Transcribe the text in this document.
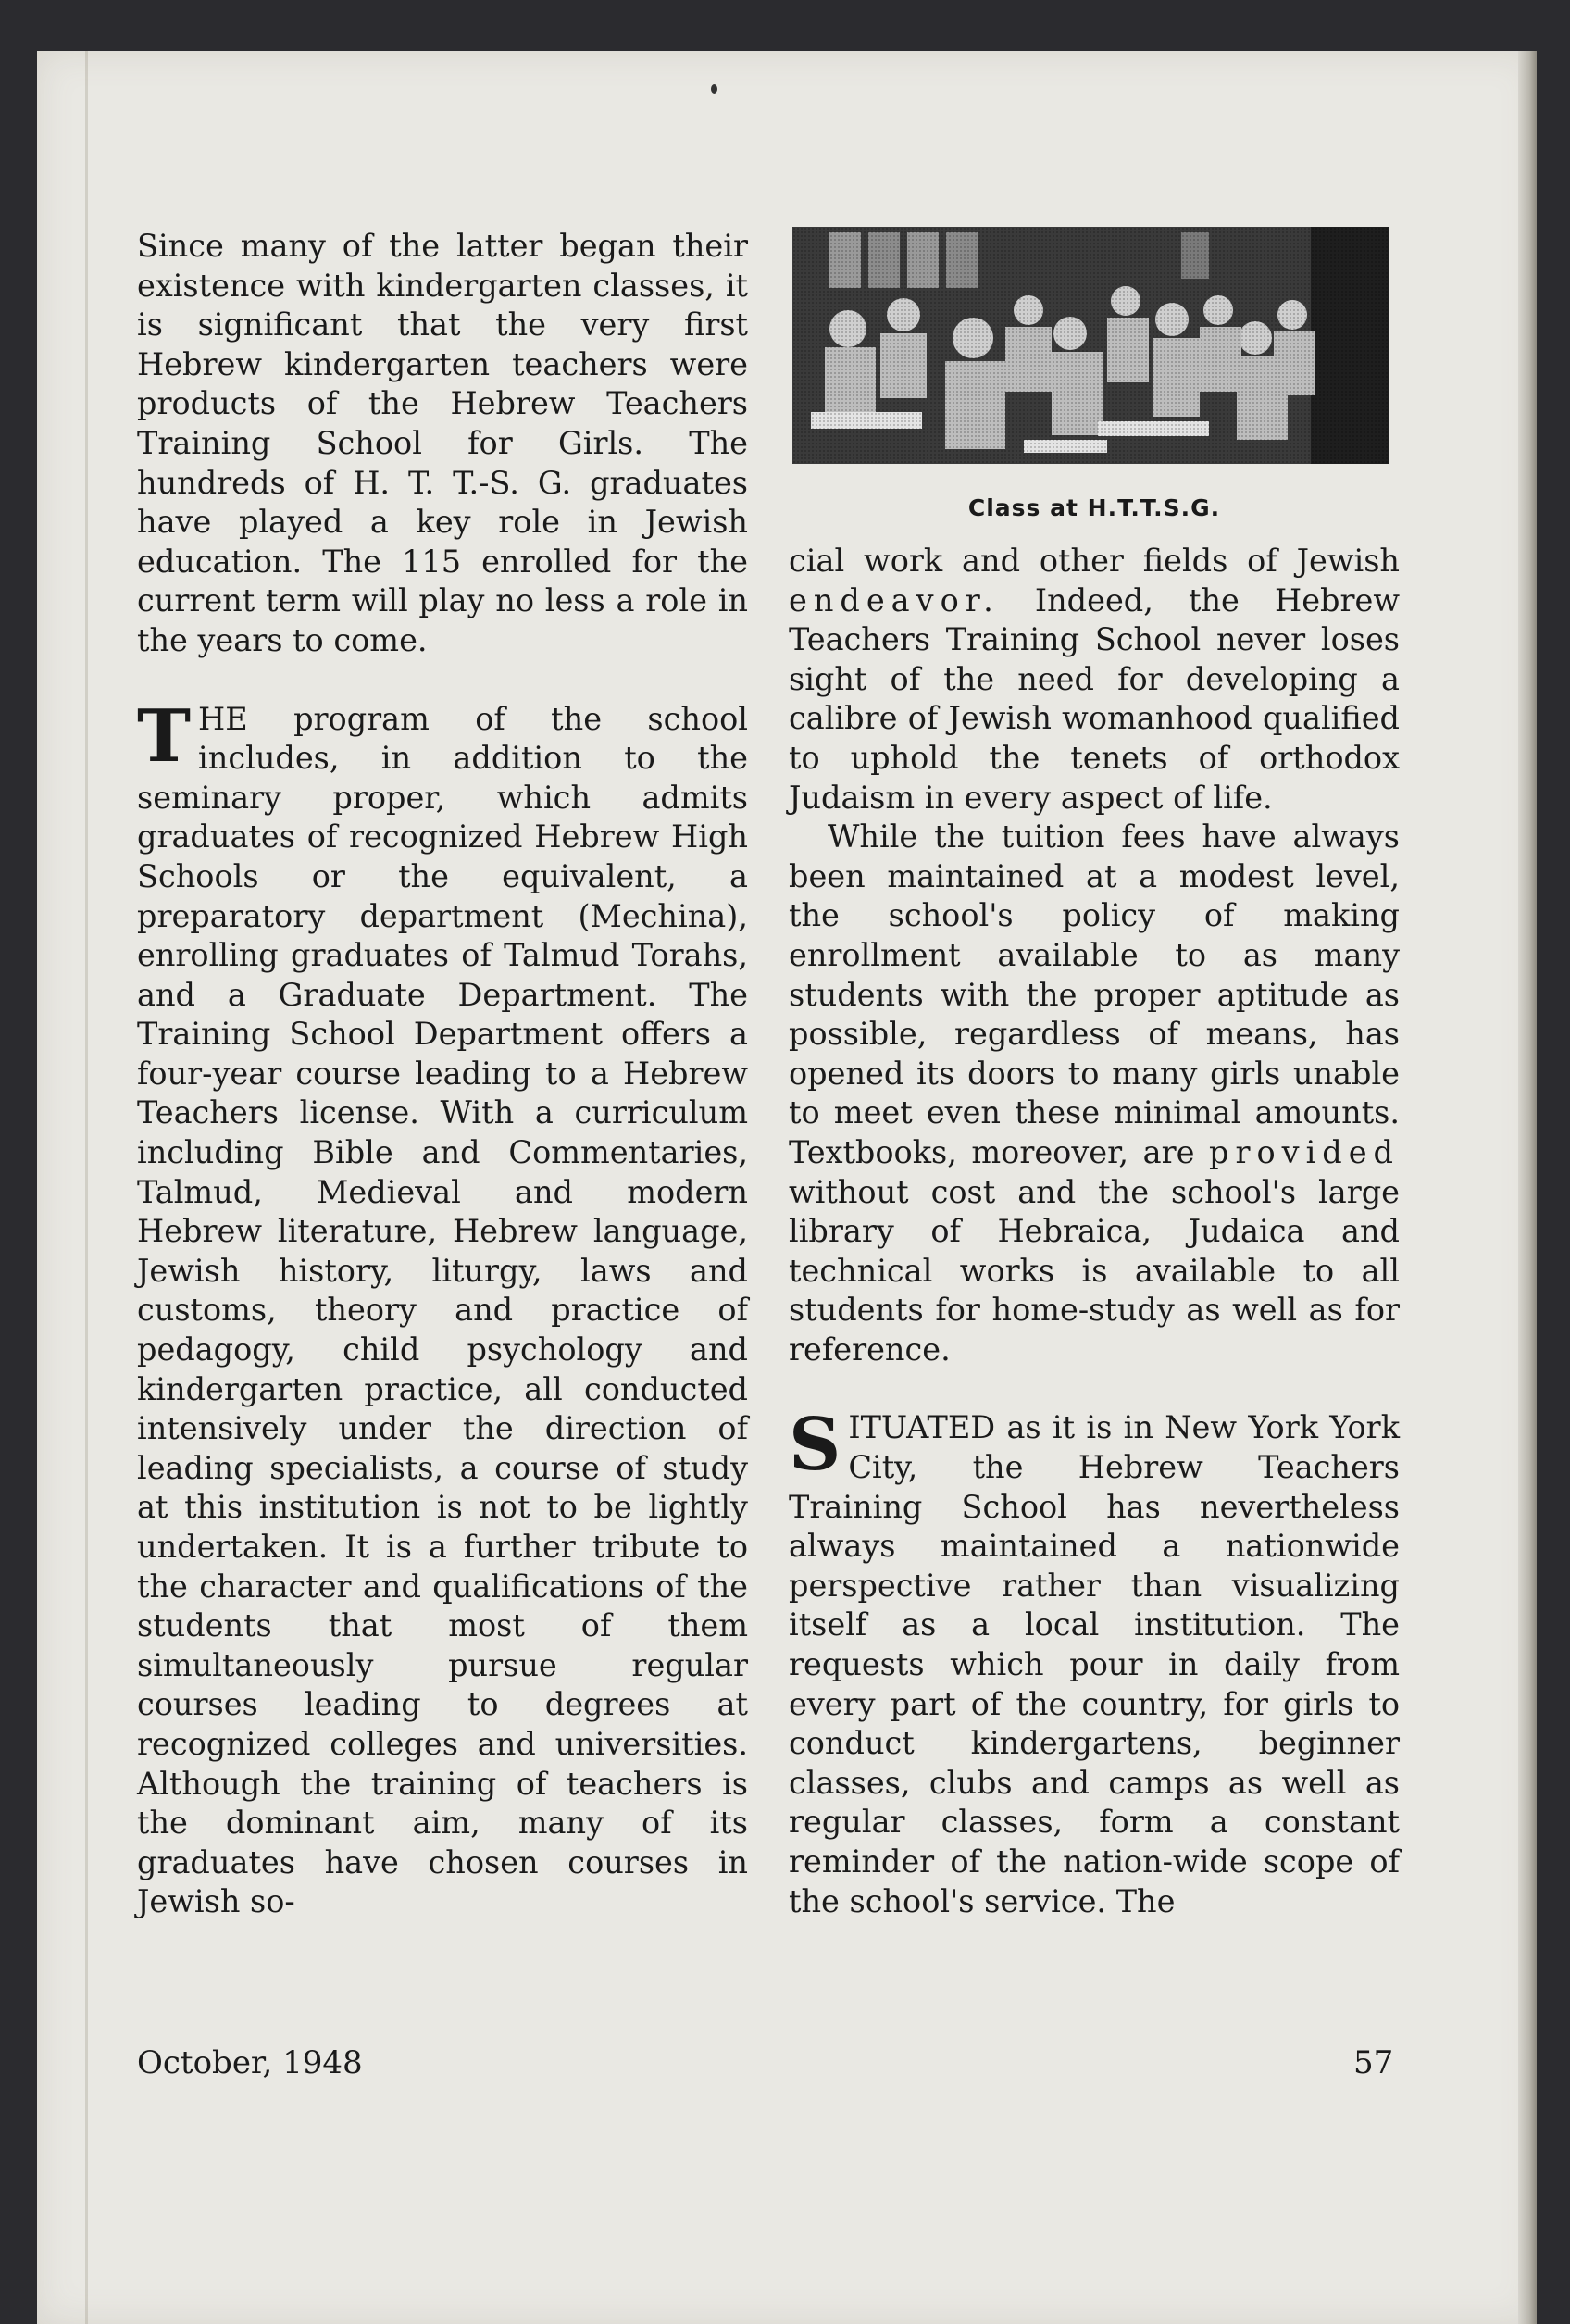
Since many of the latter began their existence with kindergarten classes, it is significant that the very first Hebrew kindergarten teachers were products of the Hebrew Teachers Training School for Girls. The hundreds of H. T. T.-S. G. graduates have played a key role in Jewish education. The 115 enrolled for the current term will play no less a role in the years to come.

THE program of the school includes, in addition to the seminary proper, which admits graduates of recognized Hebrew High Schools or the equivalent, a preparatory department (Mechina), enrolling graduates of Talmud Torahs, and a Graduate Department. The Training School Department offers a four-year course leading to a Hebrew Teachers license. With a curriculum including Bible and Commentaries, Talmud, Medieval and modern Hebrew literature, Hebrew language, Jewish history, liturgy, laws and customs, theory and practice of pedagogy, child psychology and kindergarten practice, all conducted intensively under the direction of leading specialists, a course of study at this institution is not to be lightly undertaken. It is a further tribute to the character and qualifications of the students that most of them simultaneously pursue regular courses leading to degrees at recognized colleges and universities. Although the training of teachers is the dominant aim, many of its graduates have chosen courses in Jewish so-

Class at H.T.T.S.G.

cial work and other fields of Jewish endeavor. Indeed, the Hebrew Teachers Training School never loses sight of the need for developing a calibre of Jewish womanhood qualified to uphold the tenets of orthodox Judaism in every aspect of life.

While the tuition fees have always been maintained at a modest level, the school's policy of making enrollment available to as many students with the proper aptitude as possible, regardless of means, has opened its doors to many girls unable to meet even these minimal amounts. Textbooks, moreover, are provided without cost and the school's large library of Hebraica, Judaica and technical works is available to all students for home-study as well as for reference.

SITUATED as it is in New York York City, the Hebrew Teachers Training School has nevertheless always maintained a nationwide perspective rather than visualizing itself as a local institution. The requests which pour in daily from every part of the country, for girls to conduct kindergartens, beginner classes, clubs and camps as well as regular classes, form a constant reminder of the nation-wide scope of the school's service. The

October, 1948	57
